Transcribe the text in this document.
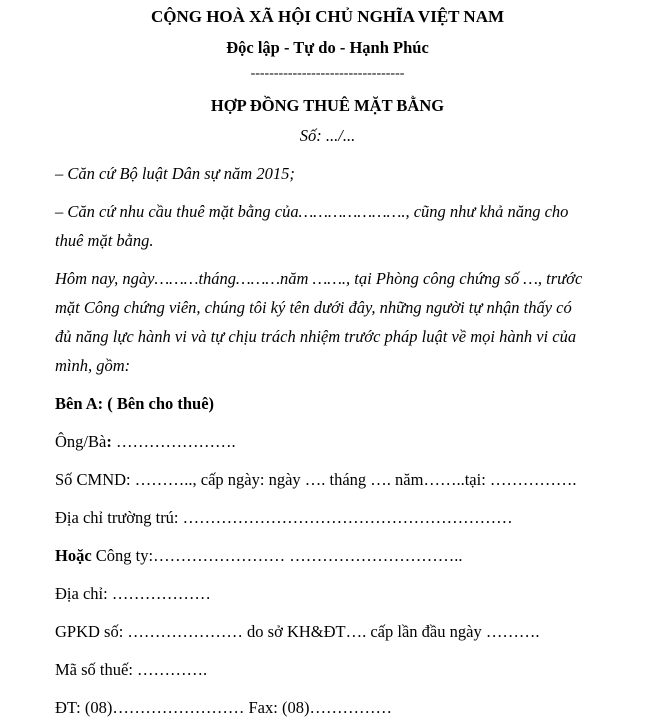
CỘNG HOÀ XÃ HỘI CHỦ NGHĨA VIỆT NAM
Độc lập - Tự do - Hạnh Phúc
---------------------------------
HỢP ĐỒNG THUÊ MẶT BẰNG
Số: .../...
– Căn cứ Bộ luật Dân sự năm 2015;
– Căn cứ nhu cầu thuê mặt bằng của…………………., cũng như khả năng cho
thuê mặt bằng.
Hôm nay, ngày………tháng………năm ……., tại Phòng công chứng số …, trước
mặt Công chứng viên, chúng tôi ký tên dưới đây, những người tự nhận thấy có
đủ năng lực hành vi và tự chịu trách nhiệm trước pháp luật về mọi hành vi của
mình, gồm:
Bên A: ( Bên cho thuê)
Ông/Bà: ………………….
Số CMND: ……….., cấp ngày: ngày …. tháng …. năm……..tại: …………….
Địa chỉ trường trú: ……………………………………………………
Hoặc Công ty:…………………… …………………………..
Địa chỉ: ………………
GPKD số: ………………… do sở KH&ĐT…. cấp lần đầu ngày ……….
Mã số thuế: ………….
ĐT: (08)…………………… Fax: (08)……………
